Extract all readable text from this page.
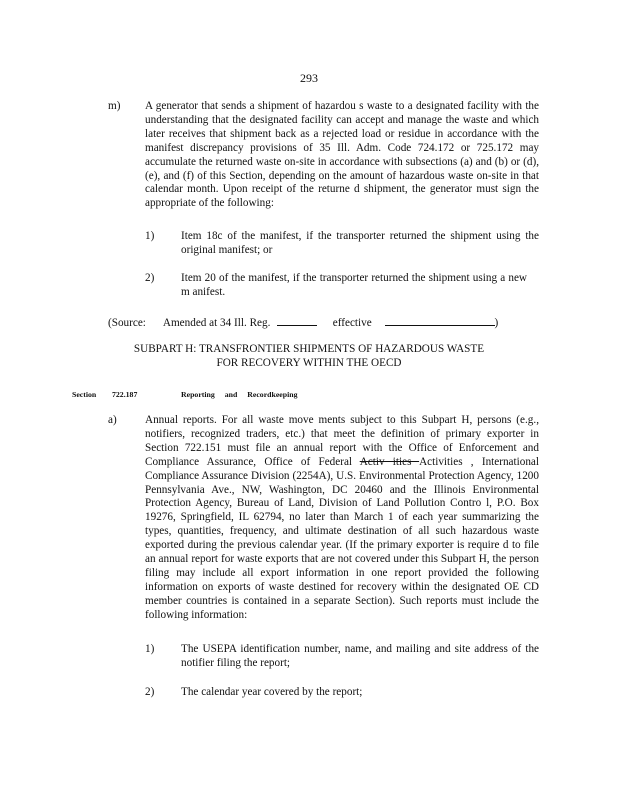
293
m) A generator that sends a shipment of hazardou s waste to a designated facility with the understanding that the designated facility can accept and manage the waste and which later receives that shipment back as a rejected load or residue in accordance with the manifest discrepancy provisions of 35 Ill. Adm. Code 724.172 or 725.172 may accumulate the returned waste on-site in accordance with subsections (a) and (b) or (d), (e), and (f) of this Section, depending on the amount of hazardous waste on-site in that calendar month. Upon receipt of the returne d shipment, the generator must sign the appropriate of the following:
1) Item 18c of the manifest, if the transporter returned the shipment using the original manifest; or
2) Item 20 of the manifest, if the transporter returned the shipment using a new m anifest.
(Source: Amended at 34 Ill. Reg.	effective	)
SUBPART H: TRANSFRONTIER SHIPMENTS OF HAZARDOUS WASTE
FOR RECOVERY WITHIN THE OECD
Section 722.187	Reporting and Recordkeeping
a)	Annual reports. For all waste move ments subject to this Subpart H, persons (e.g., notifiers, recognized traders, etc.) that meet the definition of primary exporter in Section 722.151 must file an annual report with the Office of Enforcement and Compliance Assurance, Office of Federal Activ ities Activities , International Compliance Assurance Division (2254A), U.S. Environmental Protection Agency, 1200 Pennsylvania Ave., NW, Washington, DC 20460 and the Illinois Environmental Protection Agency, Bureau of Land, Division of Land Pollution Contro l, P.O. Box 19276, Springfield, IL 62794, no later than March 1 of each year summarizing the types, quantities, frequency, and ultimate destination of all such hazardous waste exported during the previous calendar year. (If the primary exporter is require d to file an annual report for waste exports that are not covered under this Subpart H, the person filing may include all export information in one report provided the following information on exports of waste destined for recovery within the designated OE CD member countries is contained in a separate Section). Such reports must include the following information:
1) The USEPA identification number, name, and mailing and site address of the notifier filing the report;
2) The calendar year covered by the report;
